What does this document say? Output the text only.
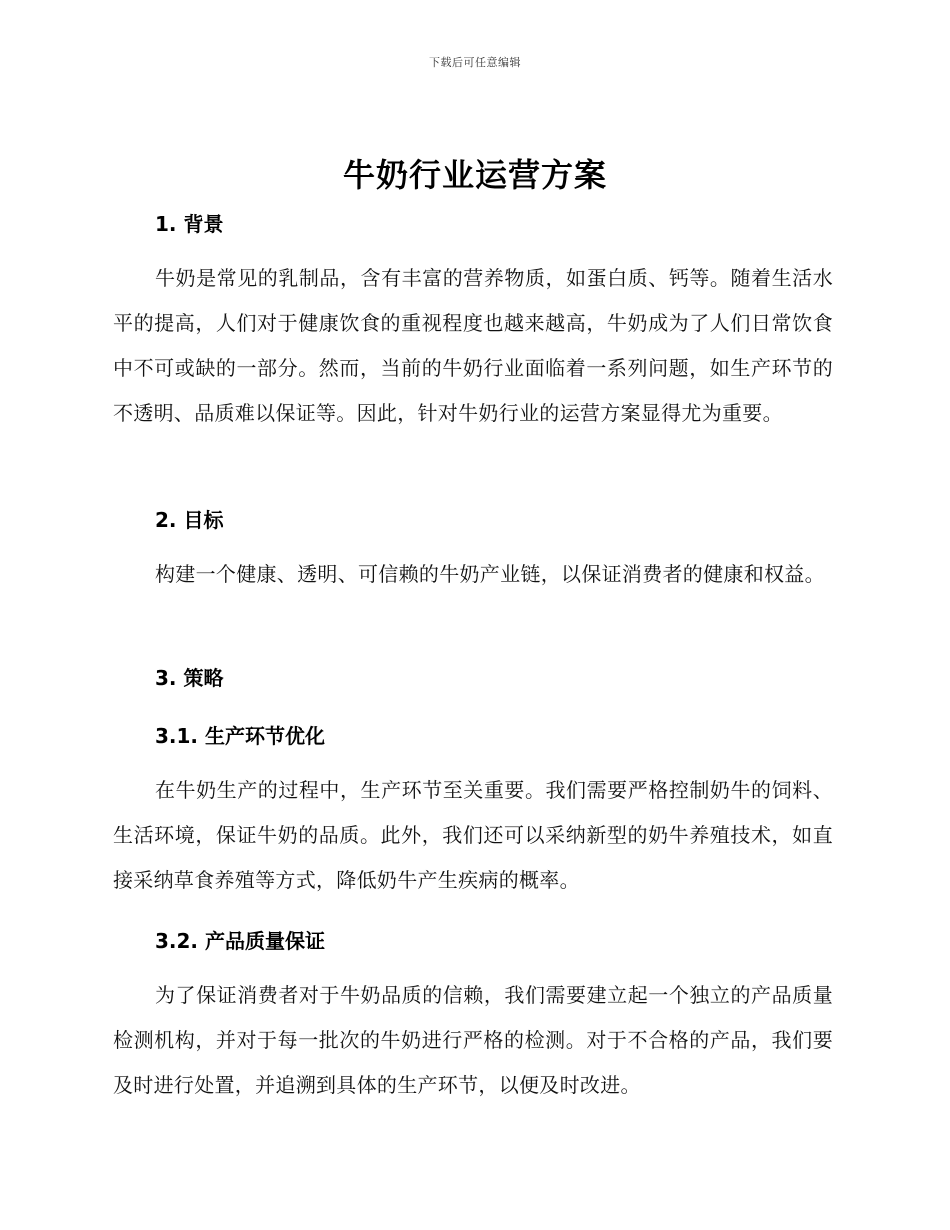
下载后可任意编辑
牛奶行业运营方案
1. 背景
牛奶是常见的乳制品，含有丰富的营养物质，如蛋白质、钙等。随着生活水平的提高，人们对于健康饮食的重视程度也越来越高，牛奶成为了人们日常饮食中不可或缺的一部分。然而，当前的牛奶行业面临着一系列问题，如生产环节的不透明、品质难以保证等。因此，针对牛奶行业的运营方案显得尤为重要。
2. 目标
构建一个健康、透明、可信赖的牛奶产业链，以保证消费者的健康和权益。
3. 策略
3.1. 生产环节优化
在牛奶生产的过程中，生产环节至关重要。我们需要严格控制奶牛的饲料、生活环境，保证牛奶的品质。此外，我们还可以采纳新型的奶牛养殖技术，如直接采纳草食养殖等方式，降低奶牛产生疾病的概率。
3.2. 产品质量保证
为了保证消费者对于牛奶品质的信赖，我们需要建立起一个独立的产品质量检测机构，并对于每一批次的牛奶进行严格的检测。对于不合格的产品，我们要及时进行处置，并追溯到具体的生产环节，以便及时改进。
